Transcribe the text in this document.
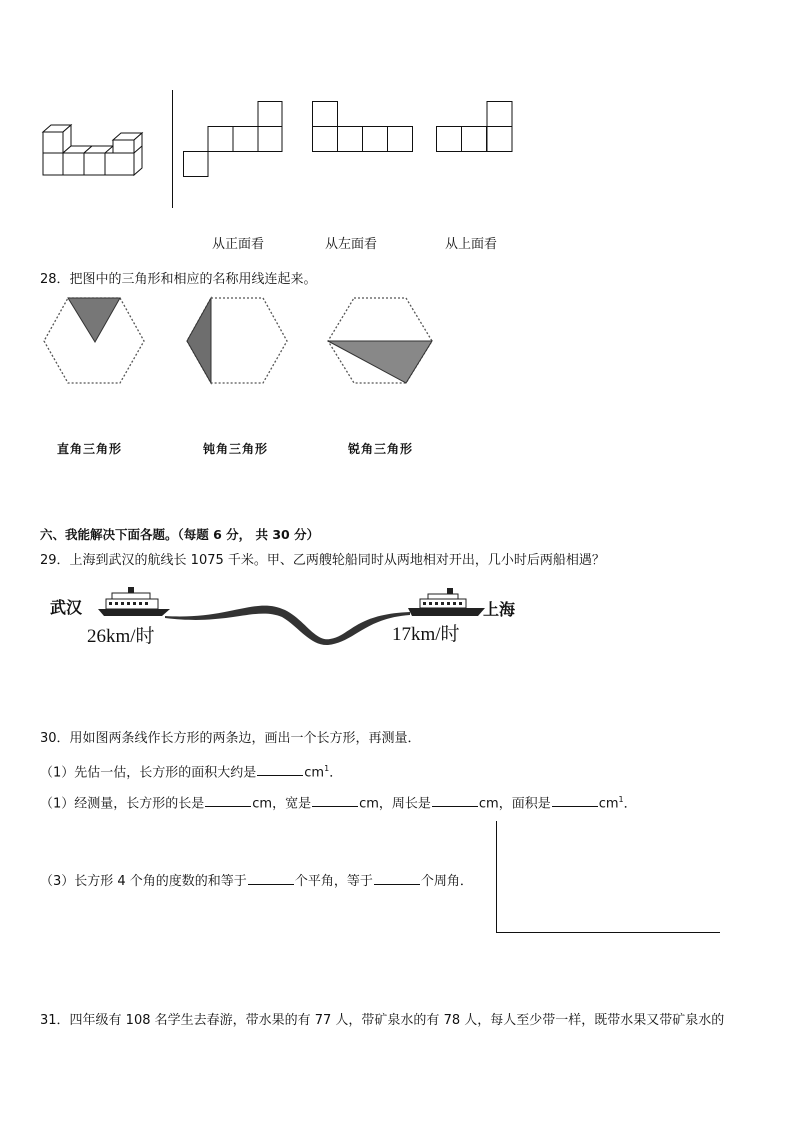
从正面看	从左面看	从上面看
28．把图中的三角形和相应的名称用线连起来。
直角三角形	钝角三角形	锐角三角形
六、我能解决下面各题。（每题 6 分， 共 30 分）
29．上海到武汉的航线长 1075 千米。甲、乙两艘轮船同时从两地相对开出，几小时后两船相遇？
武汉
26km/时
上海
17km/时
30．用如图两条线作长方形的两条边，画出一个长方形，再测量．
（1）先估一估，长方形的面积大约是	$cm^1$．
（1）经测量，长方形的长是	cm，宽是	cm，周长是	cm，面积是	$cm^1$．
（3）长方形 4 个角的度数的和等于	个平角，等于	个周角．
31．四年级有 108 名学生去春游，带水果的有 77 人，带矿泉水的有 78 人，每人至少带一样，既带水果又带矿泉水的
